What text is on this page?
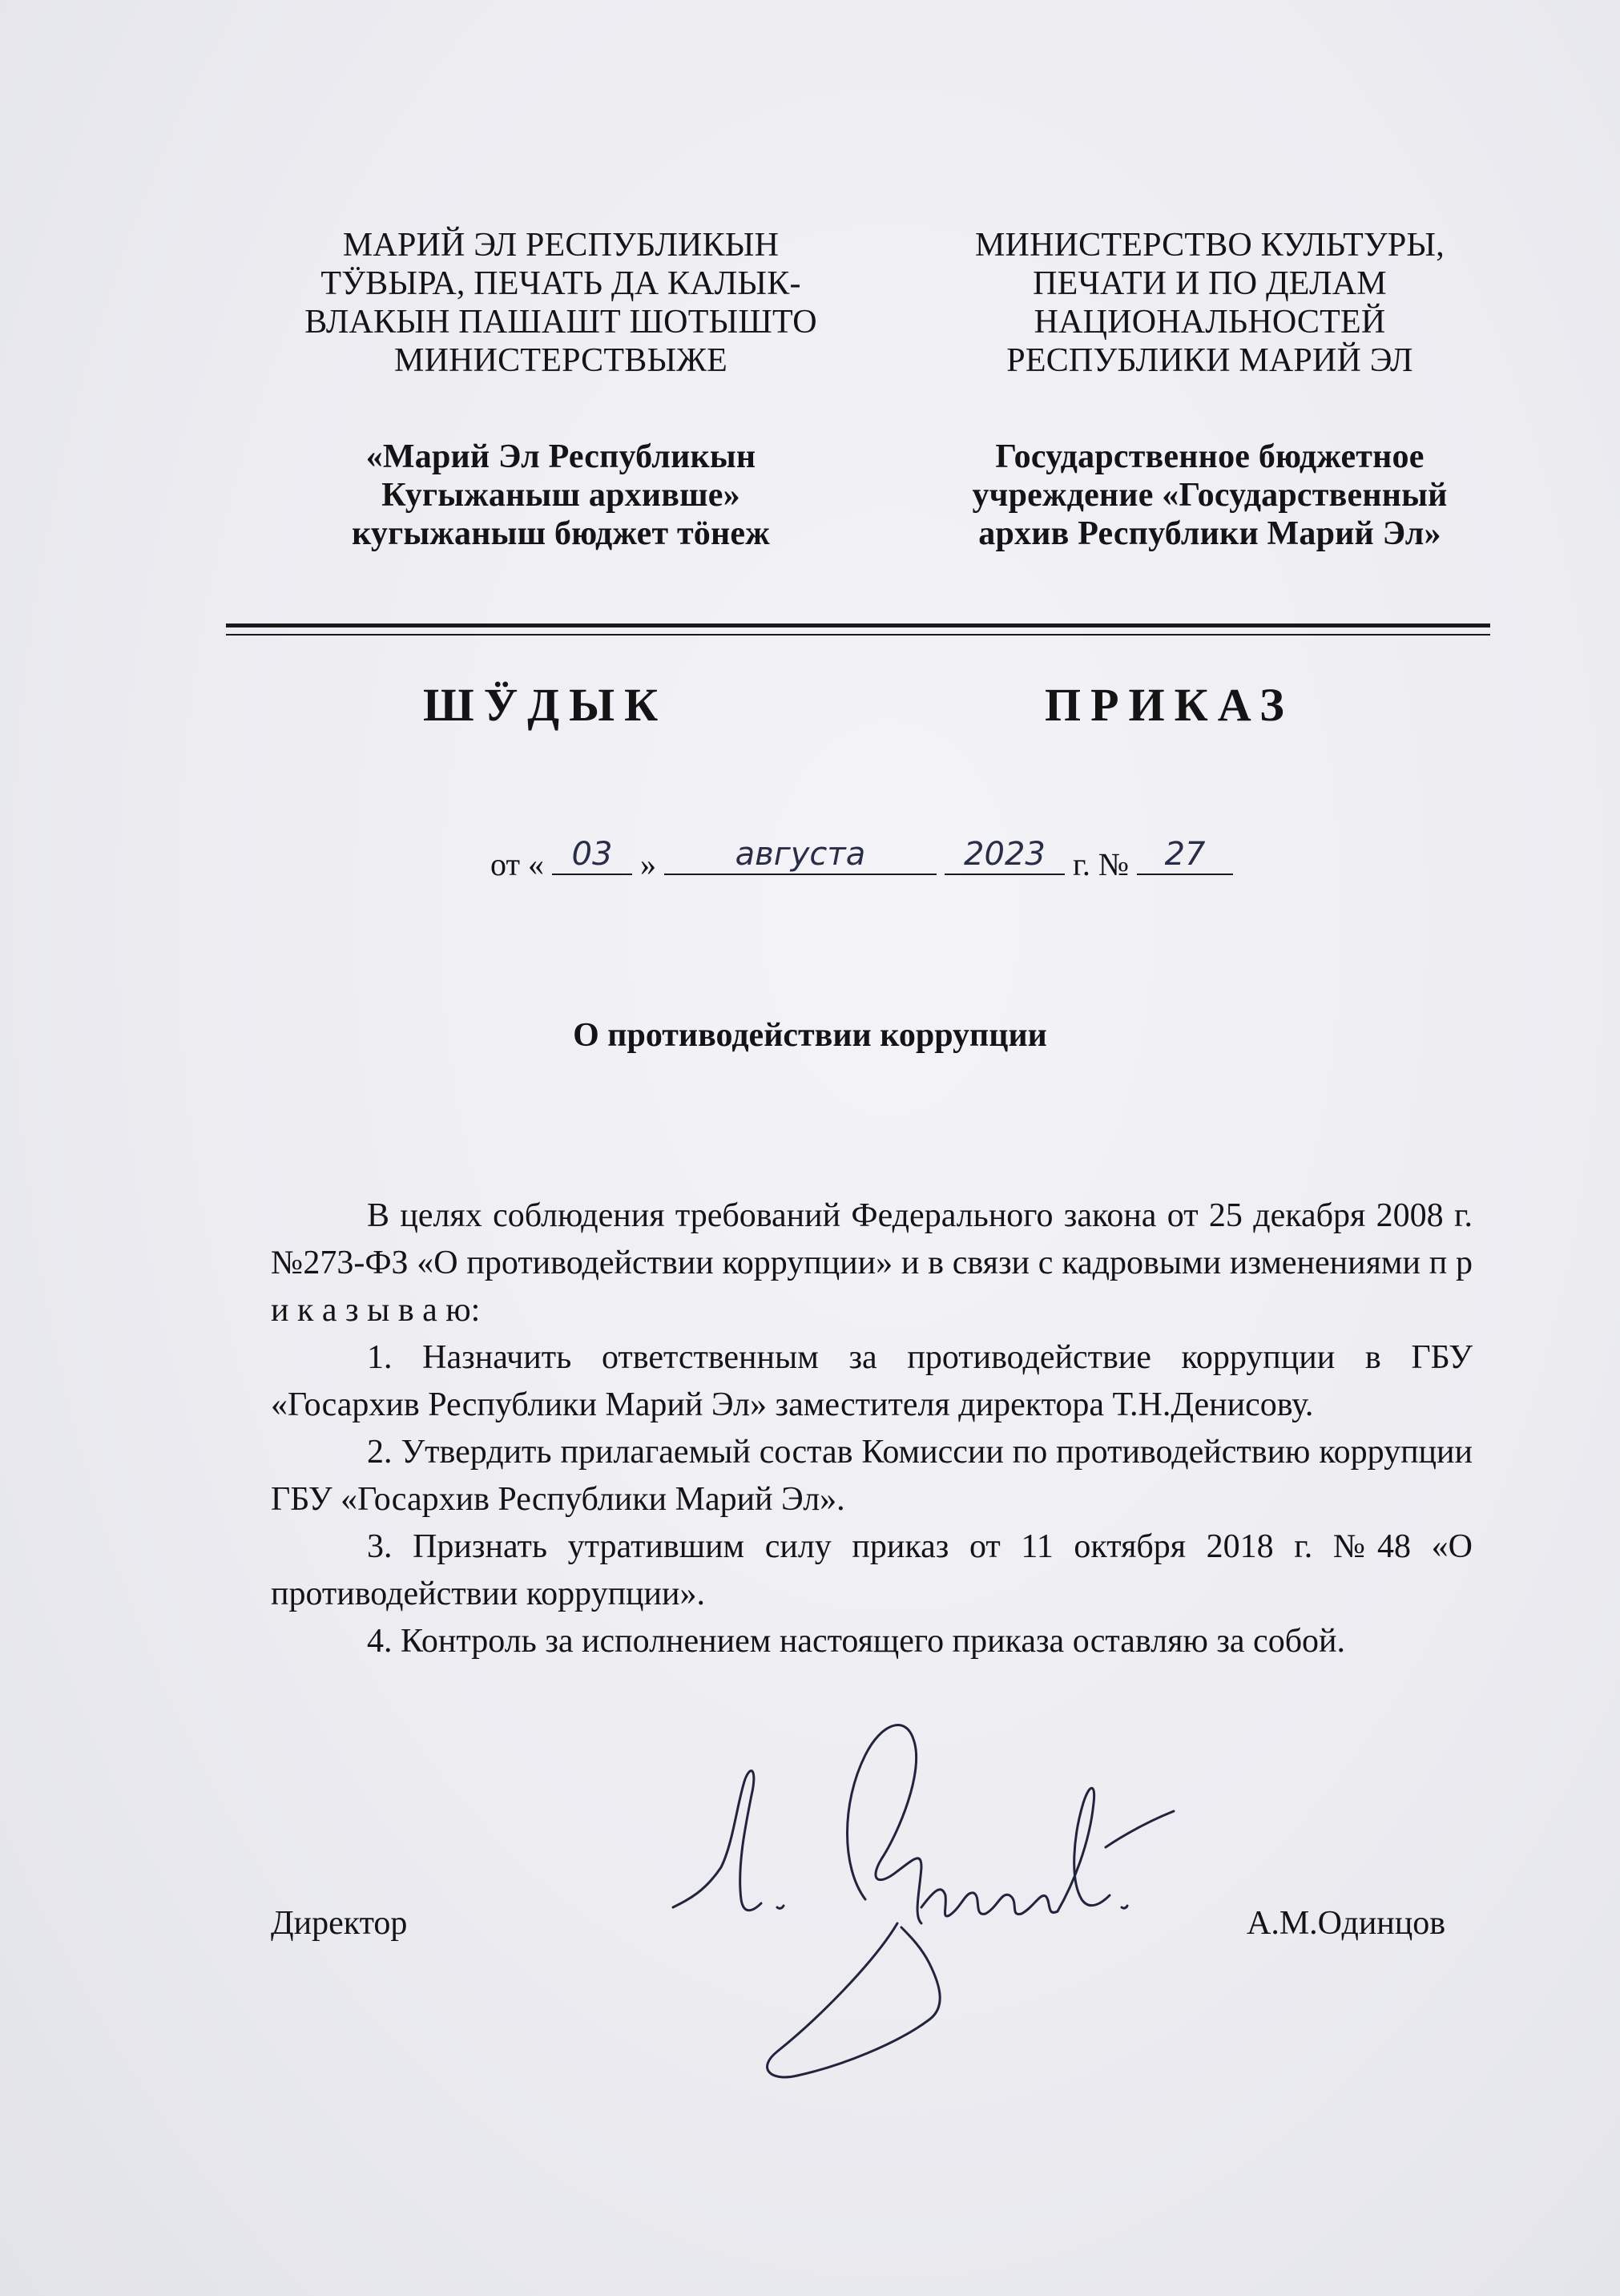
МАРИЙ ЭЛ РЕСПУБЛИКЫН
ТӰВЫРА, ПЕЧАТЬ ДА КАЛЫК-
ВЛАКЫН ПАШАШТ ШОТЫШТО
МИНИСТЕРСТВЫЖЕ
«Марий Эл Республикын
Кугыжаныш архивше»
кугыжаныш бюджет тӧнеж
МИНИСТЕРСТВО КУЛЬТУРЫ,
ПЕЧАТИ И ПО ДЕЛАМ
НАЦИОНАЛЬНОСТЕЙ
РЕСПУБЛИКИ МАРИЙ ЭЛ
Государственное бюджетное
учреждение «Государственный
архив Республики Марий Эл»
ШӰДЫК	ПРИКАЗ
от « 03 »	августа
	2023 г. №	27
О противодействии коррупции

В целях соблюдения требований Федерального закона от 25 декабря 2008 г. №273-ФЗ «О противодействии коррупции» и в связи с кадровыми изменениями п р и к а з ы в а ю:

1. Назначить ответственным за противодействие коррупции в ГБУ «Госархив Республики Марий Эл» заместителя директора Т.Н.Денисову.

2. Утвердить прилагаемый состав Комиссии по противодействию коррупции ГБУ «Госархив Республики Марий Эл».

3. Признать утратившим силу приказ от 11 октября 2018 г. №48 «О противодействии коррупции».

4. Контроль за исполнением настоящего приказа оставляю за собой.

Директор	А.М.Одинцов
